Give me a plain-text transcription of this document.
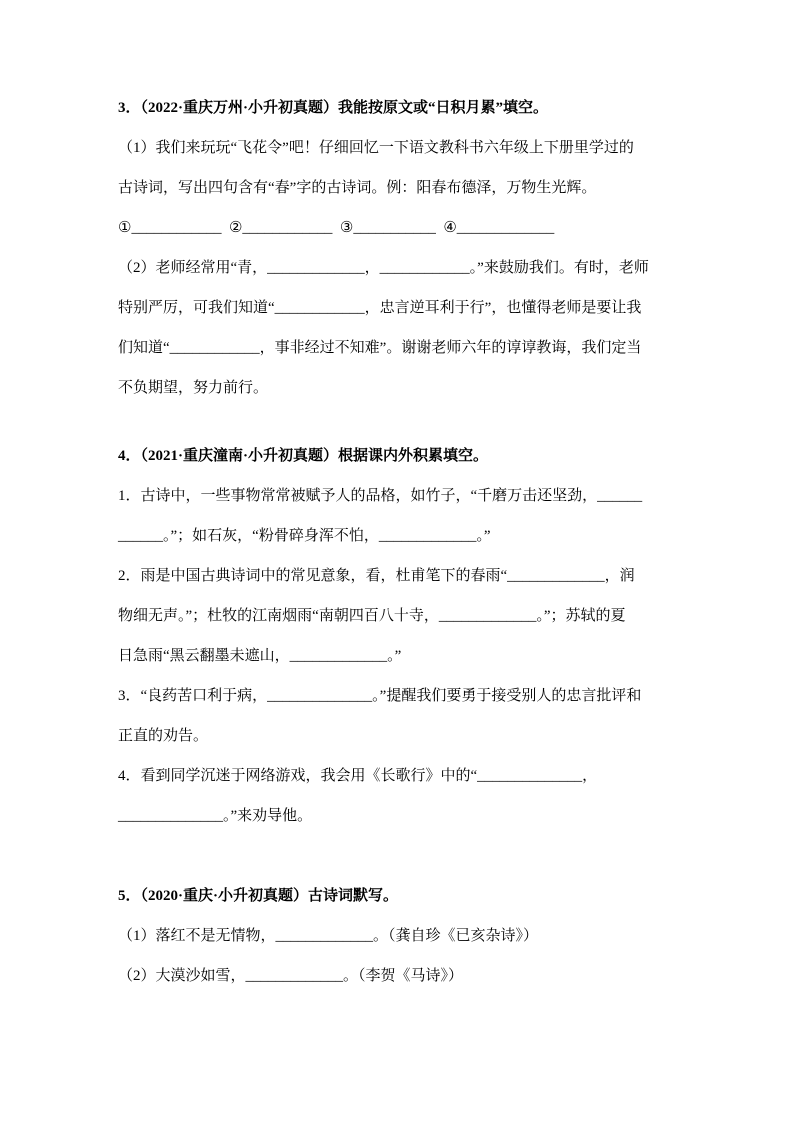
3．（2022·重庆万州·小升初真题）我能按原文或“日积月累”填空。

（1）我们来玩玩“飞花令”吧！仔细回忆一下语文教科书六年级上下册里学过的

古诗词，写出四句含有“春”字的古诗词。例：阳春布德泽，万物生光辉。

①____________  ②____________  ③___________  ④_____________

（2）老师经常用“青，_____________，____________。”来鼓励我们。有时，老师

特别严厉，可我们知道“____________，忠言逆耳利于行”，也懂得老师是要让我

们知道“____________，事非经过不知难”。谢谢老师六年的谆谆教诲，我们定当

不负期望，努力前行。

4．（2021·重庆潼南·小升初真题）根据课内外积累填空。

1．古诗中，一些事物常常被赋予人的品格，如竹子，“千磨万击还坚劲，______

______。”；如石灰，“粉骨碎身浑不怕，_____________。”

2．雨是中国古典诗词中的常见意象，看，杜甫笔下的春雨“_____________，润

物细无声。”；杜牧的江南烟雨“南朝四百八十寺，_____________。”；苏轼的夏

日急雨“黑云翻墨未遮山，_____________。”

3．“良药苦口利于病，______________。”提醒我们要勇于接受别人的忠言批评和

正直的劝告。

4．看到同学沉迷于网络游戏，我会用《长歌行》中的“______________，

______________。”来劝导他。

5．（2020·重庆·小升初真题）古诗词默写。

（1）落红不是无情物，_____________。（龚自珍《已亥杂诗》）

（2）大漠沙如雪，_____________。（李贺《马诗》）
